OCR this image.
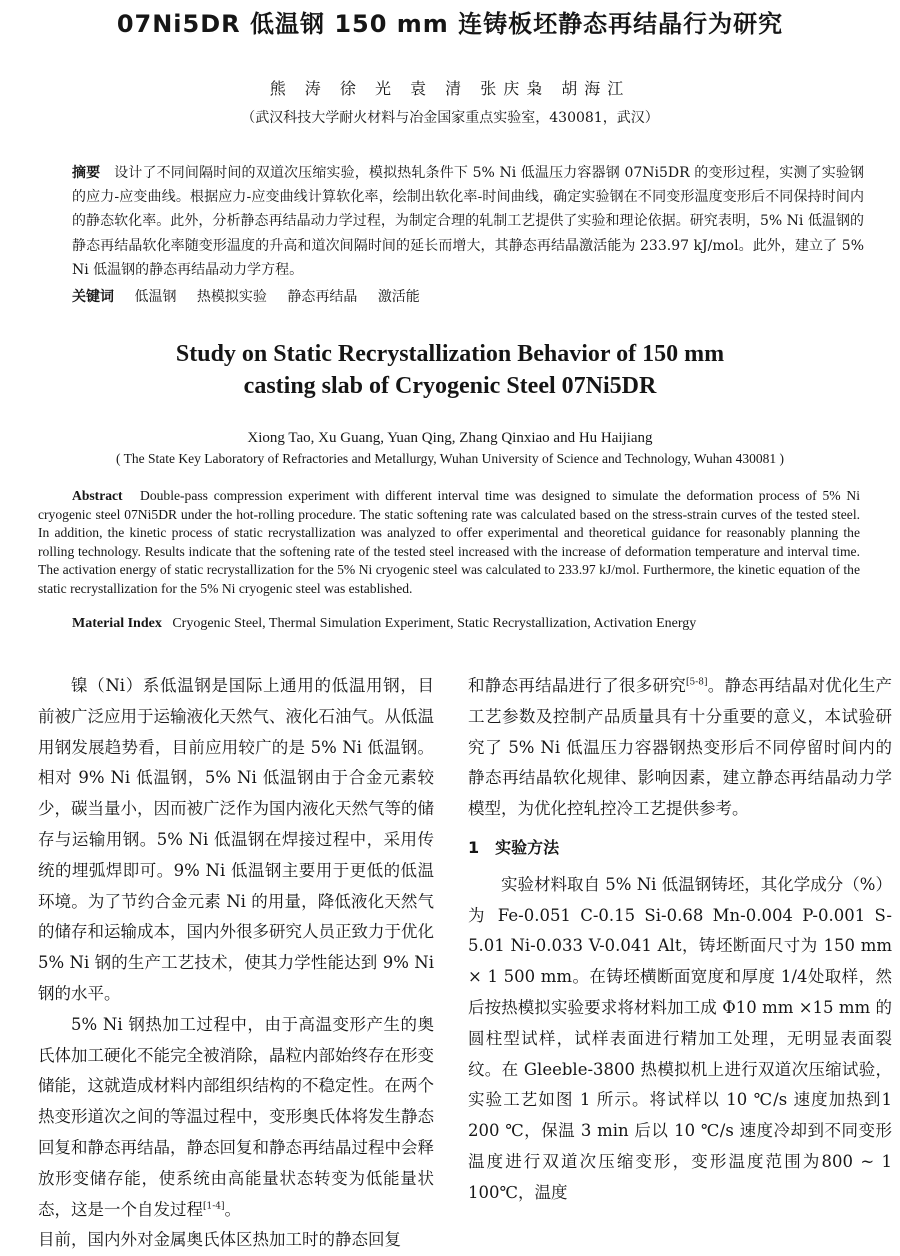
07Ni5DR 低温钢 150 mm 连铸板坯静态再结晶行为研究
熊 涛 徐 光 袁 清 张庆枭 胡海江
（武汉科技大学耐火材料与冶金国家重点实验室，430081，武汉）
摘要 设计了不同间隔时间的双道次压缩实验，模拟热轧条件下 5% Ni 低温压力容器钢 07Ni5DR 的变形过程，实测了实验钢的应力-应变曲线。根据应力-应变曲线计算软化率，绘制出软化率-时间曲线，确定实验钢在不同变形温度变形后不同保持时间内的静态软化率。此外，分析静态再结晶动力学过程，为制定合理的轧制工艺提供了实验和理论依据。研究表明，5% Ni 低温钢的静态再结晶软化率随变形温度的升高和道次间隔时间的延长而增大，其静态再结晶激活能为 233.97 kJ/mol。此外，建立了 5% Ni 低温钢的静态再结晶动力学方程。
关键词 低温钢 热模拟实验 静态再结晶 激活能
Study on Static Recrystallization Behavior of 150 mm
casting slab of Cryogenic Steel 07Ni5DR
Xiong Tao, Xu Guang, Yuan Qing, Zhang Qinxiao and Hu Haijiang
( The State Key Laboratory of Refractories and Metallurgy, Wuhan University of Science and Technology, Wuhan 430081 )
Abstract Double-pass compression experiment with different interval time was designed to simulate the deformation process of 5% Ni cryogenic steel 07Ni5DR under the hot-rolling procedure. The static softening rate was calculated based on the stress-strain curves of the tested steel. In addition, the kinetic process of static recrystallization was analyzed to offer experimental and theoretical guidance for reasonably planning the rolling technology. Results indicate that the softening rate of the tested steel increased with the increase of deformation temperature and interval time. The activation energy of static recrystallization for the 5% Ni cryogenic steel was calculated to 233.97 kJ/mol. Furthermore, the kinetic equation of the static recrystallization for the 5% Ni cryogenic steel was established.
Material Index Cryogenic Steel, Thermal Simulation Experiment, Static Recrystallization, Activation Energy

镍（Ni）系低温钢是国际上通用的低温用钢，目前被广泛应用于运输液化天然气、液化石油气。从低温用钢发展趋势看，目前应用较广的是 5% Ni 低温钢。相对 9% Ni 低温钢，5% Ni 低温钢由于合金元素较少，碳当量小，因而被广泛作为国内液化天然气等的储存与运输用钢。5% Ni 低温钢在焊接过程中，采用传统的埋弧焊即可。9% Ni 低温钢主要用于更低的低温环境。为了节约合金元素 Ni 的用量，降低液化天然气的储存和运输成本，国内外很多研究人员正致力于优化 5% Ni 钢的生产工艺技术，使其力学性能达到 9% Ni 钢的水平。

5% Ni 钢热加工过程中，由于高温变形产生的奥氏体加工硬化不能完全被消除，晶粒内部始终存在形变储能，这就造成材料内部组织结构的不稳定性。在两个热变形道次之间的等温过程中，变形奥氏体将发生静态回复和静态再结晶，静态回复和静态再结晶过程中会释放形变储存能，使系统由高能量状态转变为低能量状态，这是一个自发过程[1-4]。

目前，国内外对金属奥氏体区热加工时的静态回复

和静态再结晶进行了很多研究[5-8]。静态再结晶对优化生产工艺参数及控制产品质量具有十分重要的意义，本试验研究了 5% Ni 低温压力容器钢热变形后不同停留时间内的静态再结晶软化规律、影响因素，建立静态再结晶动力学模型，为优化控轧控冷工艺提供参考。

1　实验方法

实验材料取自 5% Ni 低温钢铸坯，其化学成分（%）为 Fe-0.051 C-0.15 Si-0.68 Mn-0.004 P-0.001 S-5.01 Ni-0.033 V-0.041 Alt，铸坯断面尺寸为 150 mm × 1 500 mm。在铸坯横断面宽度和厚度 1/4处取样，然后按热模拟实验要求将材料加工成 Φ10 mm ×15 mm 的圆柱型试样，试样表面进行精加工处理，无明显表面裂纹。在 Gleeble-3800 热模拟机上进行双道次压缩试验，实验工艺如图 1 所示。将试样以 10 ℃/s 速度加热到1 200 ℃，保温 3 min 后以 10 ℃/s 速度冷却到不同变形温度进行双道次压缩变形，变形温度范围为800 ~ 1 100℃，温度
